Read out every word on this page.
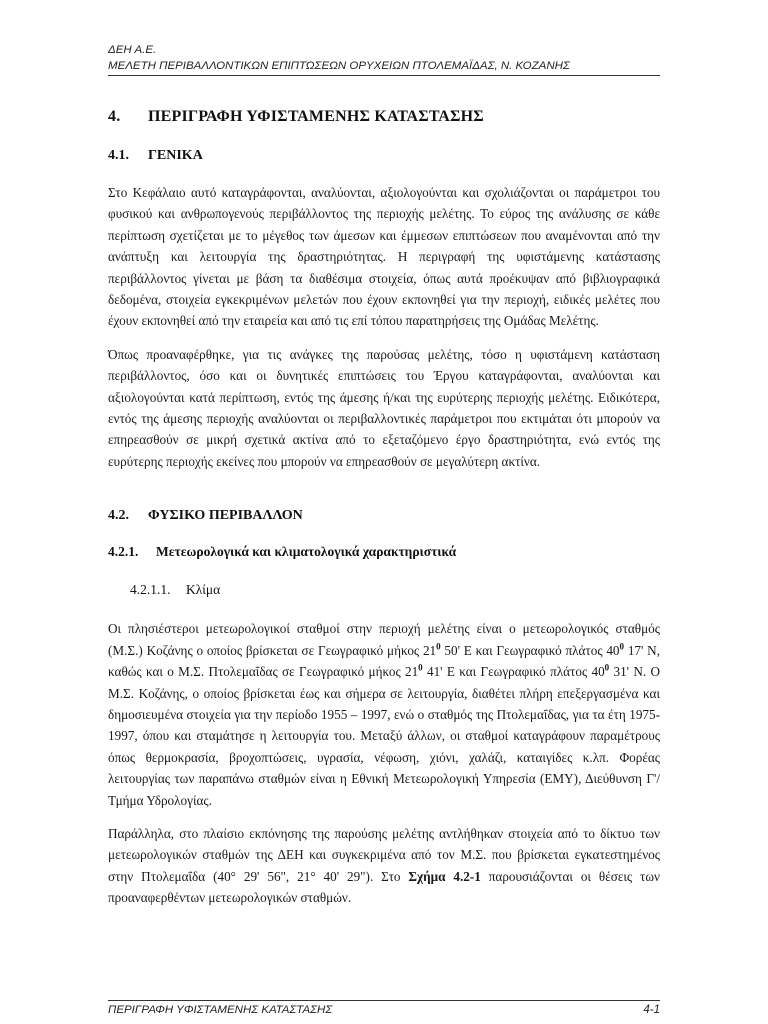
ΔΕΗ Α.Ε.
ΜΕΛΕΤΗ ΠΕΡΙΒΑΛΛΟΝΤΙΚΩΝ ΕΠΙΠΤΩΣΕΩΝ ΟΡΥΧΕΙΩΝ ΠΤΟΛΕΜΑΪΔΑΣ, Ν. ΚΟΖΑΝΗΣ
4. ΠΕΡΙΓΡΑΦΗ ΥΦΙΣΤΑΜΕΝΗΣ ΚΑΤΑΣΤΑΣΗΣ
4.1. ΓΕΝΙΚΑ

Στο Κεφάλαιο αυτό καταγράφονται, αναλύονται, αξιολογούνται και σχολιάζονται οι παράμετροι του φυσικού και ανθρωπογενούς περιβάλλοντος της περιοχής μελέτης. Το εύρος της ανάλυσης σε κάθε περίπτωση σχετίζεται με το μέγεθος των άμεσων και έμμεσων επιπτώσεων που αναμένονται από την ανάπτυξη και λειτουργία της δραστηριότητας. Η περιγραφή της υφιστάμενης κατάστασης περιβάλλοντος γίνεται με βάση τα διαθέσιμα στοιχεία, όπως αυτά προέκυψαν από βιβλιογραφικά δεδομένα, στοιχεία εγκεκριμένων μελετών που έχουν εκπονηθεί για την περιοχή, ειδικές μελέτες που έχουν εκπονηθεί από την εταιρεία και από τις επί τόπου παρατηρήσεις της Ομάδας Μελέτης.

Όπως προαναφέρθηκε, για τις ανάγκες της παρούσας μελέτης, τόσο η υφιστάμενη κατάσταση περιβάλλοντος, όσο και οι δυνητικές επιπτώσεις του Έργου καταγράφονται, αναλύονται και αξιολογούνται κατά περίπτωση, εντός της άμεσης ή/και της ευρύτερης περιοχής μελέτης. Ειδικότερα, εντός της άμεσης περιοχής αναλύονται οι περιβαλλοντικές παράμετροι που εκτιμάται ότι μπορούν να επηρεασθούν σε μικρή σχετικά ακτίνα από το εξεταζόμενο έργο δραστηριότητα, ενώ εντός της ευρύτερης περιοχής εκείνες που μπορούν να επηρεασθούν σε μεγαλύτερη ακτίνα.

4.2. ΦΥΣΙΚΟ ΠΕΡΙΒΑΛΛΟΝ
4.2.1. Μετεωρολογικά και κλιματολογικά χαρακτηριστικά
4.2.1.1. Κλίμα

Οι πλησιέστεροι μετεωρολογικοί σταθμοί στην περιοχή μελέτης είναι ο μετεωρολογικός σταθμός (Μ.Σ.) Κοζάνης ο οποίος βρίσκεται σε Γεωγραφικό μήκος $21^0$ 50' Ε και Γεωγραφικό πλάτος $40^0$ 17' Ν, καθώς και ο Μ.Σ. Πτολεμαΐδας σε Γεωγραφικό μήκος $21^0$ 41' Ε και Γεωγραφικό πλάτος $40^0$ 31' Ν. Ο Μ.Σ. Κοζάνης, ο οποίος βρίσκεται έως και σήμερα σε λειτουργία, διαθέτει πλήρη επεξεργασμένα και δημοσιευμένα στοιχεία για την περίοδο 1955 – 1997, ενώ ο σταθμός της Πτολεμαΐδας, για τα έτη 1975-1997, όπου και σταμάτησε η λειτουργία του. Μεταξύ άλλων, οι σταθμοί καταγράφουν παραμέτρους όπως θερμοκρασία, βροχοπτώσεις, υγρασία, νέφωση, χιόνι, χαλάζι, καταιγίδες κ.λπ. Φορέας λειτουργίας των παραπάνω σταθμών είναι η Εθνική Μετεωρολογική Υπηρεσία (ΕΜΥ), Διεύθυνση Γ'/ Τμήμα Υδρολογίας.

Παράλληλα, στο πλαίσιο εκπόνησης της παρούσης μελέτης αντλήθηκαν στοιχεία από το δίκτυο των μετεωρολογικών σταθμών της ΔΕΗ και συγκεκριμένα από τον Μ.Σ. που βρίσκεται εγκατεστημένος στην Πτολεμαΐδα (40° 29' 56", 21° 40' 29"). Στο Σχήμα 4.2-1 παρουσιάζονται οι θέσεις των προαναφερθέντων μετεωρολογικών σταθμών.

ΠΕΡΙΓΡΑΦΗ ΥΦΙΣΤΑΜΕΝΗΣ ΚΑΤΑΣΤΑΣΗΣ	4-1
